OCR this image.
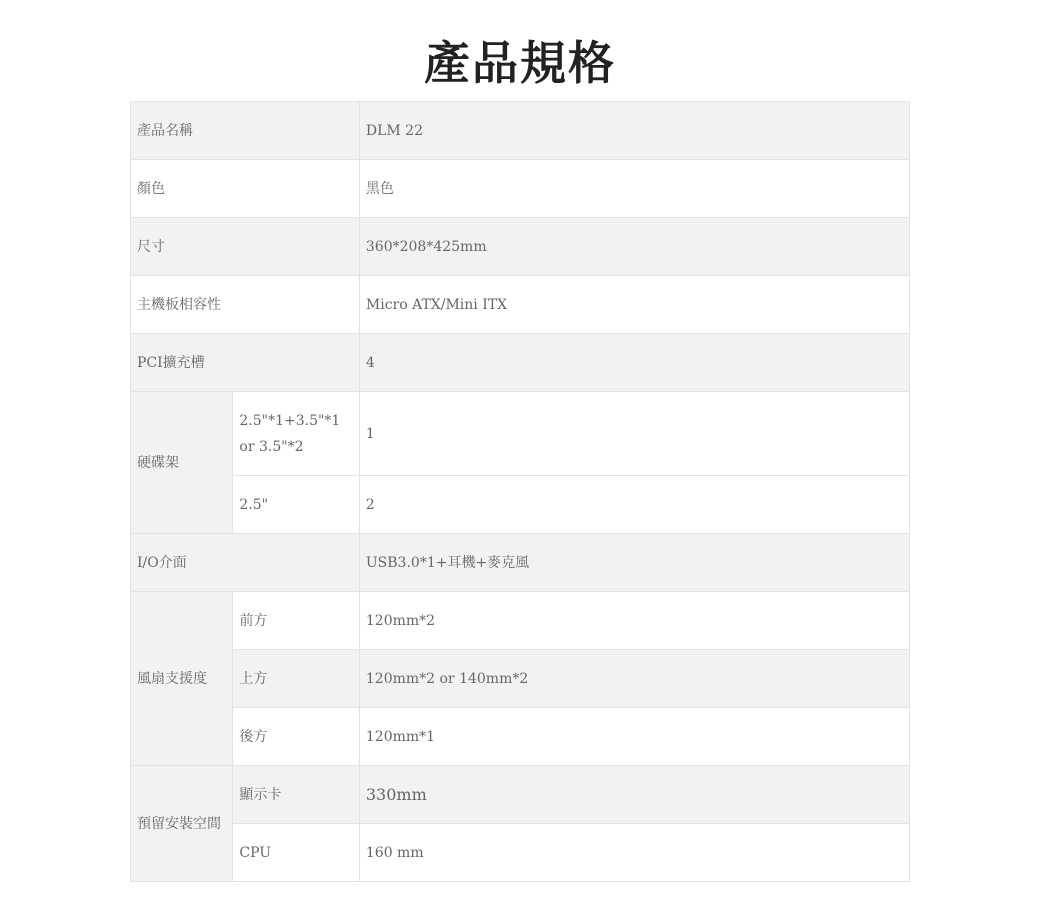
產品規格
產品名稱		DLM 22
顏色		黑色
尺寸		360*208*425mm
主機板相容性		Micro ATX/Mini ITX
PCI擴充槽		4
硬碟架	2.5"*1+3.5"*1 or 3.5"*2	1
	2.5"	2
I/O介面		USB3.0*1+耳機+麥克風
風扇支援度	前方	120mm*2
	上方	120mm*2 or 140mm*2
	後方	120mm*1
預留安裝空間	顯示卡	330mm
	CPU	160 mm
